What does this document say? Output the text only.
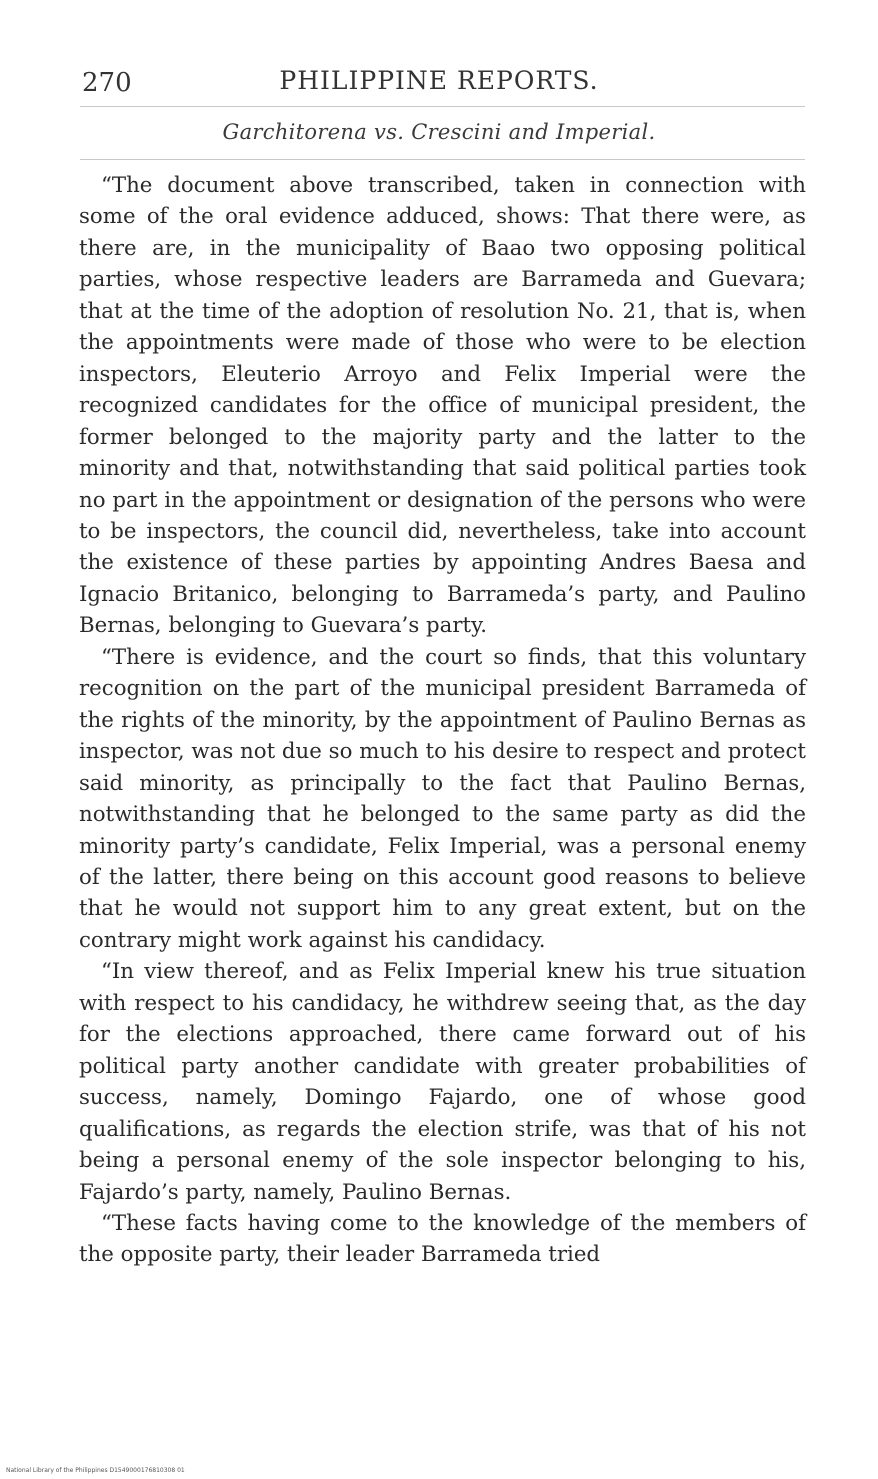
270	PHILIPPINE REPORTS.
Garchitorena vs. Crescini and Imperial.

“The document above transcribed, taken in connection with some of the oral evidence adduced, shows: That there were, as there are, in the municipality of Baao two opposing political parties, whose respective leaders are Barrameda and Guevara; that at the time of the adoption of resolution No. 21, that is, when the appointments were made of those who were to be election inspectors, Eleuterio Arroyo and Felix Imperial were the recognized candidates for the office of municipal president, the former belonged to the majority party and the latter to the minority and that, notwithstanding that said political parties took no part in the appointment or designation of the persons who were to be inspectors, the council did, nevertheless, take into account the existence of these parties by appointing Andres Baesa and Ignacio Britanico, belonging to Barrameda’s party, and Paulino Bernas, belonging to Guevara’s party.

“There is evidence, and the court so finds, that this voluntary recognition on the part of the municipal president Barrameda of the rights of the minority, by the appointment of Paulino Bernas as inspector, was not due so much to his desire to respect and protect said minority, as principally to the fact that Paulino Bernas, notwithstanding that he belonged to the same party as did the minority party’s candidate, Felix Imperial, was a personal enemy of the latter, there being on this account good reasons to believe that he would not support him to any great extent, but on the contrary might work against his candidacy.

“In view thereof, and as Felix Imperial knew his true situation with respect to his candidacy, he withdrew seeing that, as the day for the elections approached, there came forward out of his political party another candidate with greater probabilities of success, namely, Domingo Fajardo, one of whose good qualifications, as regards the election strife, was that of his not being a personal enemy of the sole inspector belonging to his, Fajardo’s party, namely, Paulino Bernas.

“These facts having come to the knowledge of the members of the opposite party, their leader Barrameda tried

National Library of the Philippines D1549000176810308 01
